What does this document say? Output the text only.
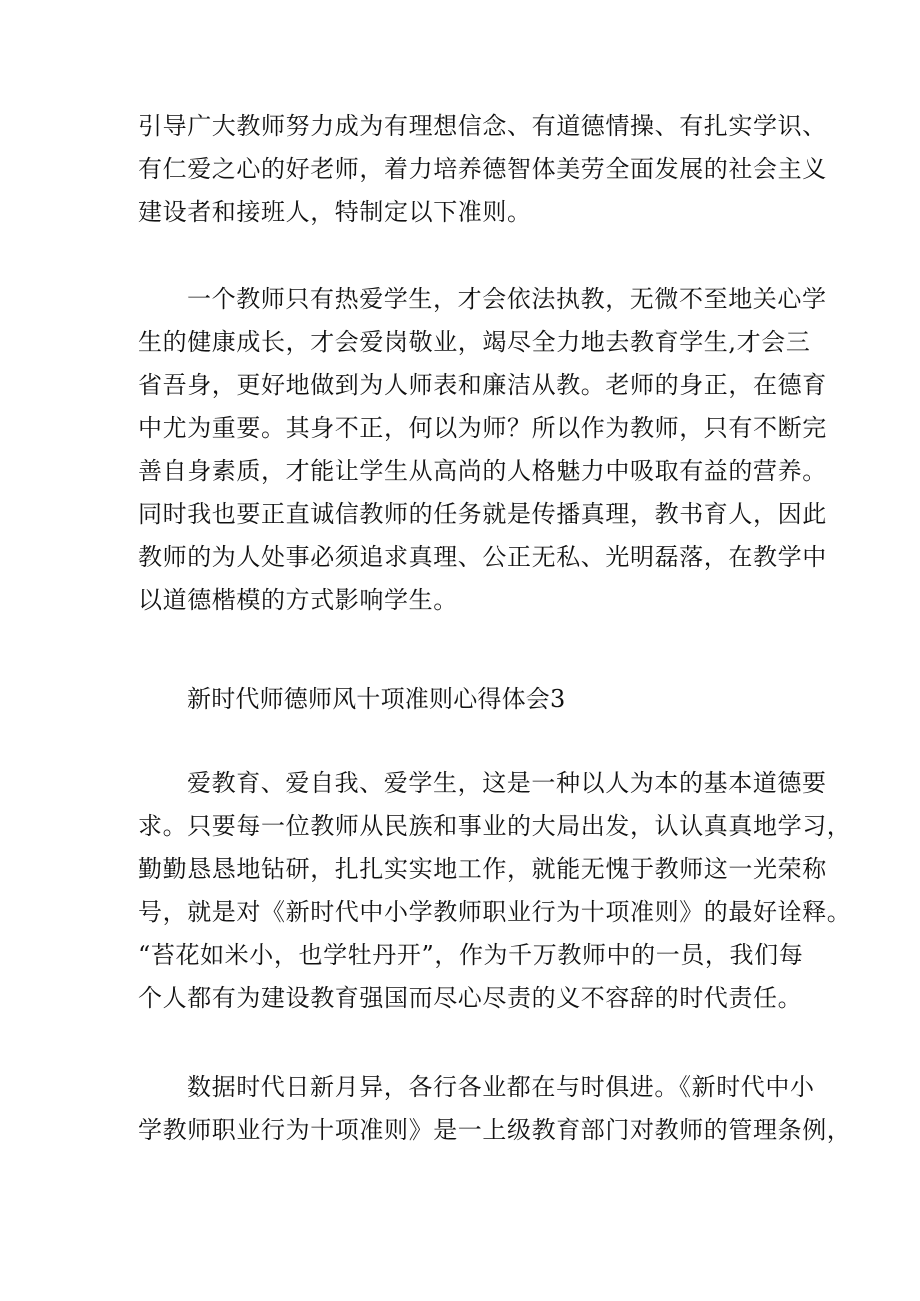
引导广大教师努力成为有理想信念、有道德情操、有扎实学识、
有仁爱之心的好老师，着力培养德智体美劳全面发展的社会主义
建设者和接班人，特制定以下准则。
一个教师只有热爱学生，才会依法执教，无微不至地关心学
生的健康成长，才会爱岗敬业，竭尽全力地去教育学生,才会三
省吾身，更好地做到为人师表和廉洁从教。老师的身正，在德育
中尤为重要。其身不正，何以为师？所以作为教师，只有不断完
善自身素质，才能让学生从高尚的人格魅力中吸取有益的营养。
同时我也要正直诚信教师的任务就是传播真理，教书育人，因此
教师的为人处事必须追求真理、公正无私、光明磊落，在教学中
以道德楷模的方式影响学生。
新时代师德师风十项准则心得体会3
爱教育、爱自我、爱学生，这是一种以人为本的基本道德要
求。只要每一位教师从民族和事业的大局出发，认认真真地学习，
勤勤恳恳地钻研，扎扎实实地工作，就能无愧于教师这一光荣称
号，就是对《新时代中小学教师职业行为十项准则》的最好诠释。
“苔花如米小，也学牡丹开”，作为千万教师中的一员，我们每
个人都有为建设教育强国而尽心尽责的义不容辞的时代责任。
数据时代日新月异，各行各业都在与时俱进。《新时代中小
学教师职业行为十项准则》是一上级教育部门对教师的管理条例，
